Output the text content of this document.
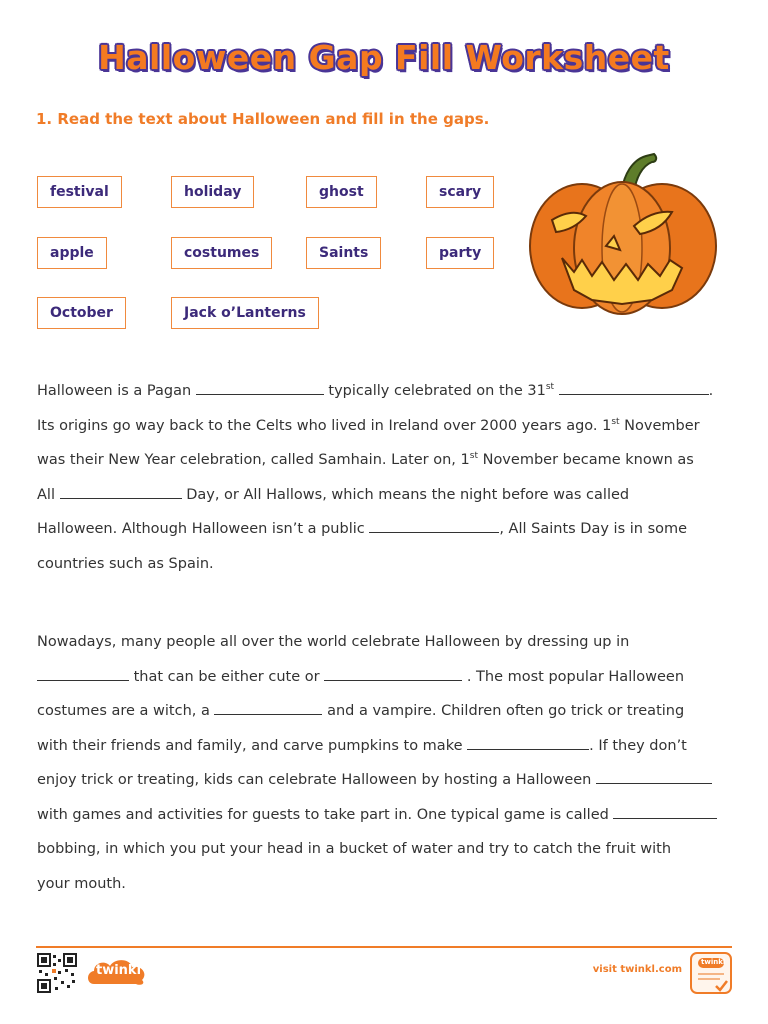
Halloween Gap Fill Worksheet
1. Read the text about Halloween and fill in the gaps.
festival	holiday	ghost	scary
apple	costumes	Saints	party
October	Jack o’Lanterns
Halloween is a Pagan	typically celebrated on the 31st	.
Its origins go way back to the Celts who lived in Ireland over 2000 years ago. 1st November
was their New Year celebration, called Samhain. Later on, 1st November became known as
All	Day, or All Hallows, which means the night before was called
Halloween. Although Halloween isn’t a public	, All Saints Day is in some
countries such as Spain.
Nowadays, many people all over the world celebrate Halloween by dressing up in
that can be either cute or	. The most popular Halloween
costumes are a witch, a	and a vampire. Children often go trick or treating
with their friends and family, and carve pumpkins to make	. If they don’t
enjoy trick or treating, kids can celebrate Halloween by hosting a Halloween
with games and activities for guests to take part in. One typical game is called
bobbing, in which you put your head in a bucket of water and try to catch the fruit with
your mouth.
twinkl	visit twinkl.com
twinkl
